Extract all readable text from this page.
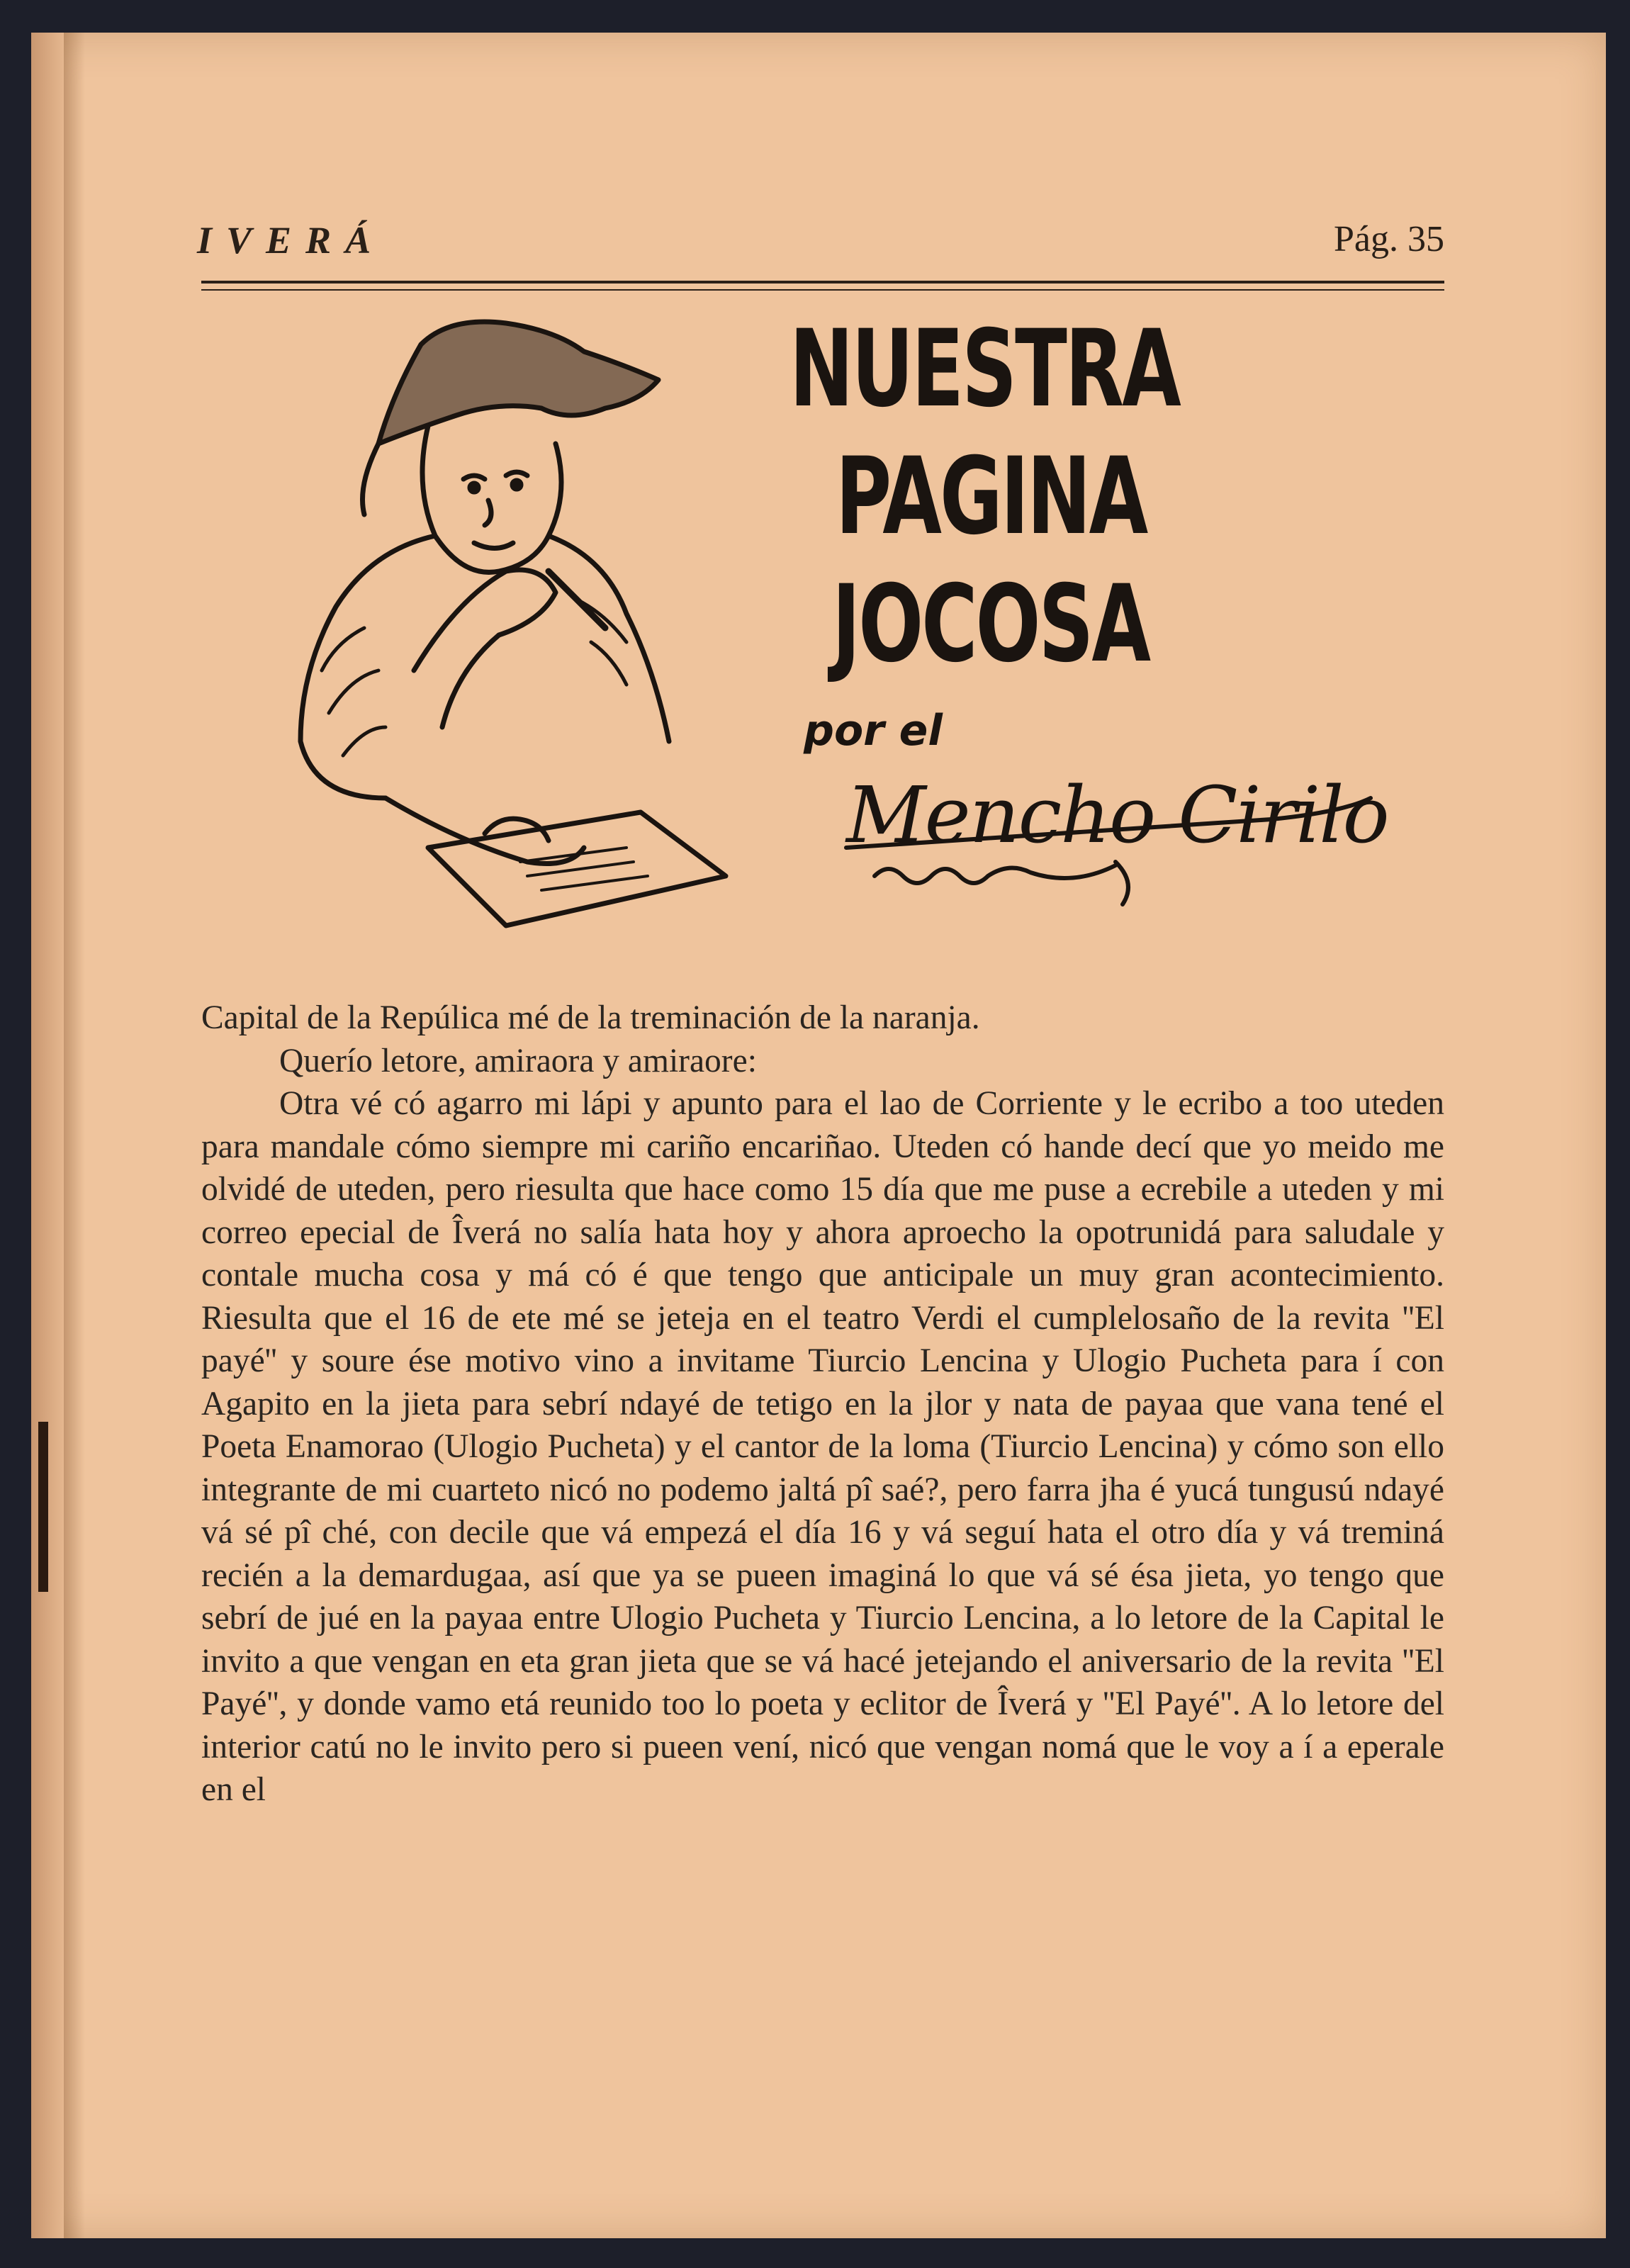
IVERÁ	Pág. 35
NUESTRA
PAGINA
JOCOSA
por el
Mencho Cirilo

Capital de la Repúlica mé de la treminación de la naranja.

Querío letore, amiraora y amiraore:

Otra vé có agarro mi lápi y apunto para el lao de Corriente y le ecribo a too uteden para mandale cómo siempre mi cariño encariñao. Uteden có hande decí que yo meido me olvidé de uteden, pero riesulta que hace como 15 día que me puse a ecrebile a uteden y mi correo epecial de Îverá no salía hata hoy y ahora aproecho la opotrunidá para saludale y contale mucha cosa y má có é que tengo que anticipale un muy gran acontecimiento. Riesulta que el 16 de ete mé se jeteja en el teatro Verdi el cumplelosaño de la revita ''El payé'' y soure ése motivo vino a invitame Tiurcio Lencina y Ulogio Pucheta para í con Agapito en la jieta para sebrí ndayé de tetigo en la jlor y nata de payaa que vana tené el Poeta Enamorao (Ulogio Pucheta) y el cantor de la loma (Tiurcio Lencina) y cómo son ello integrante de mi cuarteto nicó no podemo jaltá pî saé?, pero farra jha é yucá tungusú ndayé vá sé pî ché, con decile que vá empezá el día 16 y vá seguí hata el otro día y vá treminá recién a la demardugaa, así que ya se pueen imaginá lo que vá sé ésa jieta, yo tengo que sebrí de jué en la payaa entre Ulogio Pucheta y Tiurcio Lencina, a lo letore de la Capital le invito a que vengan en eta gran jieta que se vá hacé jetejando el aniversario de la revita ''El Payé'', y donde vamo etá reunido too lo poeta y eclitor de Îverá y ''El Payé''. A lo letore del interior catú no le invito pero si pueen vení, nicó que vengan nomá que le voy a í a eperale en el
